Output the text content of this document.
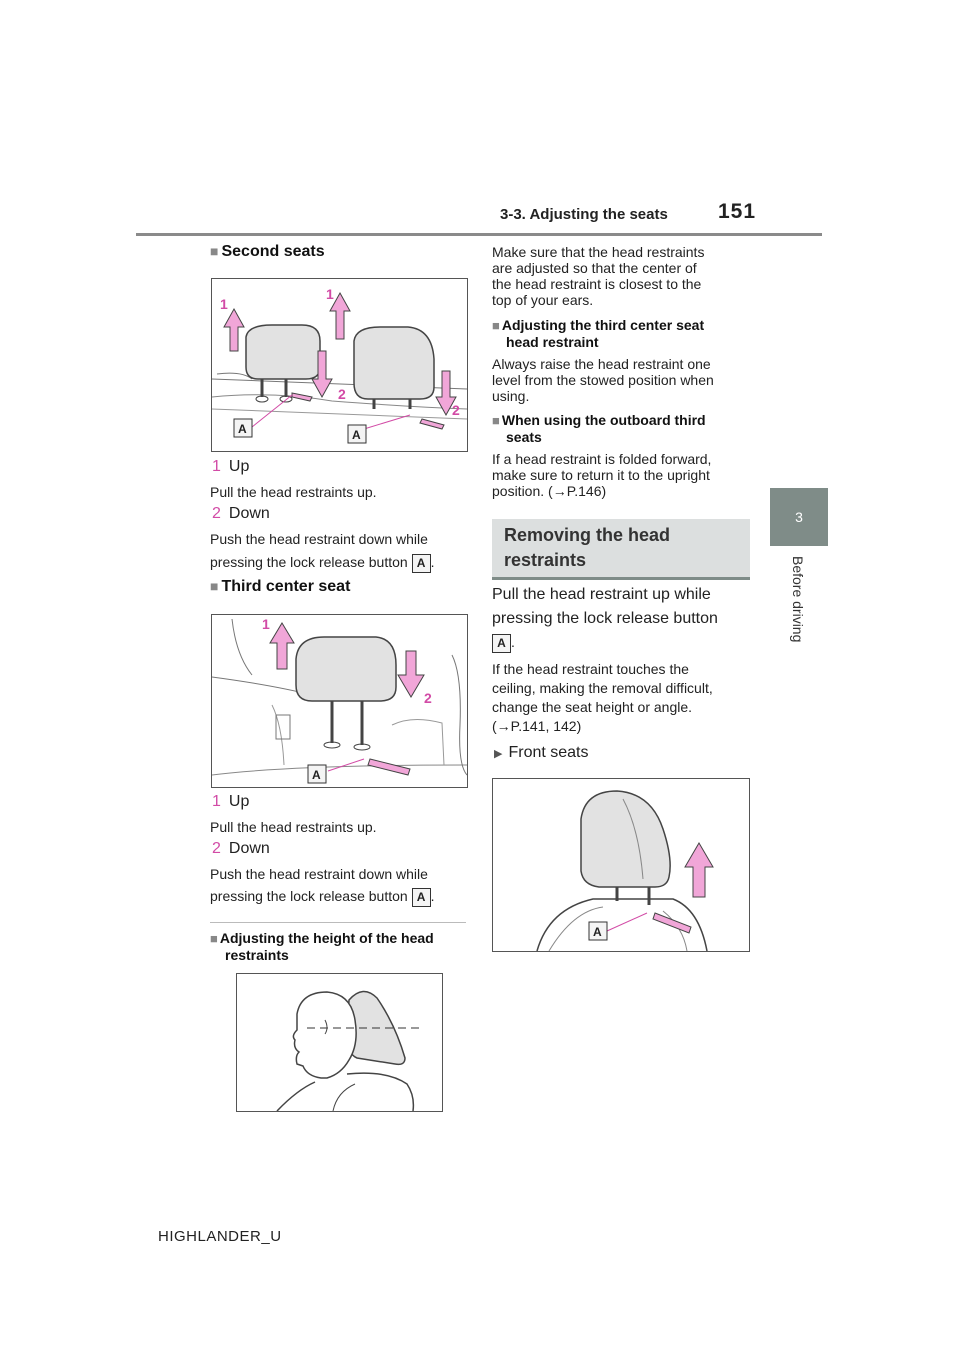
3-3. Adjusting the seats 151
3
Before driving
■ Second seats
1
1
2
2
A	A
1 Up
Pull the head restraints up.
2 Down
Push the head restraint down while
pressing the lock release button A .
■ Third center seat
1
2
A
1 Up
Pull the head restraints up.
2 Down
Push the head restraint down while
pressing the lock release button A .
■ Adjusting the height of the head
restraints
Make sure that the head restraints
are adjusted so that the center of
the head restraint is closest to the
top of your ears.
■ Adjusting the third center seat
head restraint
Always raise the head restraint one
level from the stowed position when
using.
■ When using the outboard third
seats
If a head restraint is folded forward,
make sure to return it to the upright
position. (→P.146)
Removing the head
restraints
Pull the head restraint up while
pressing the lock release button
A .
If the head restraint touches the
ceiling, making the removal difficult,
change the seat height or angle.
(→P.141, 142)
▶ Front seats
A
HIGHLANDER_U
